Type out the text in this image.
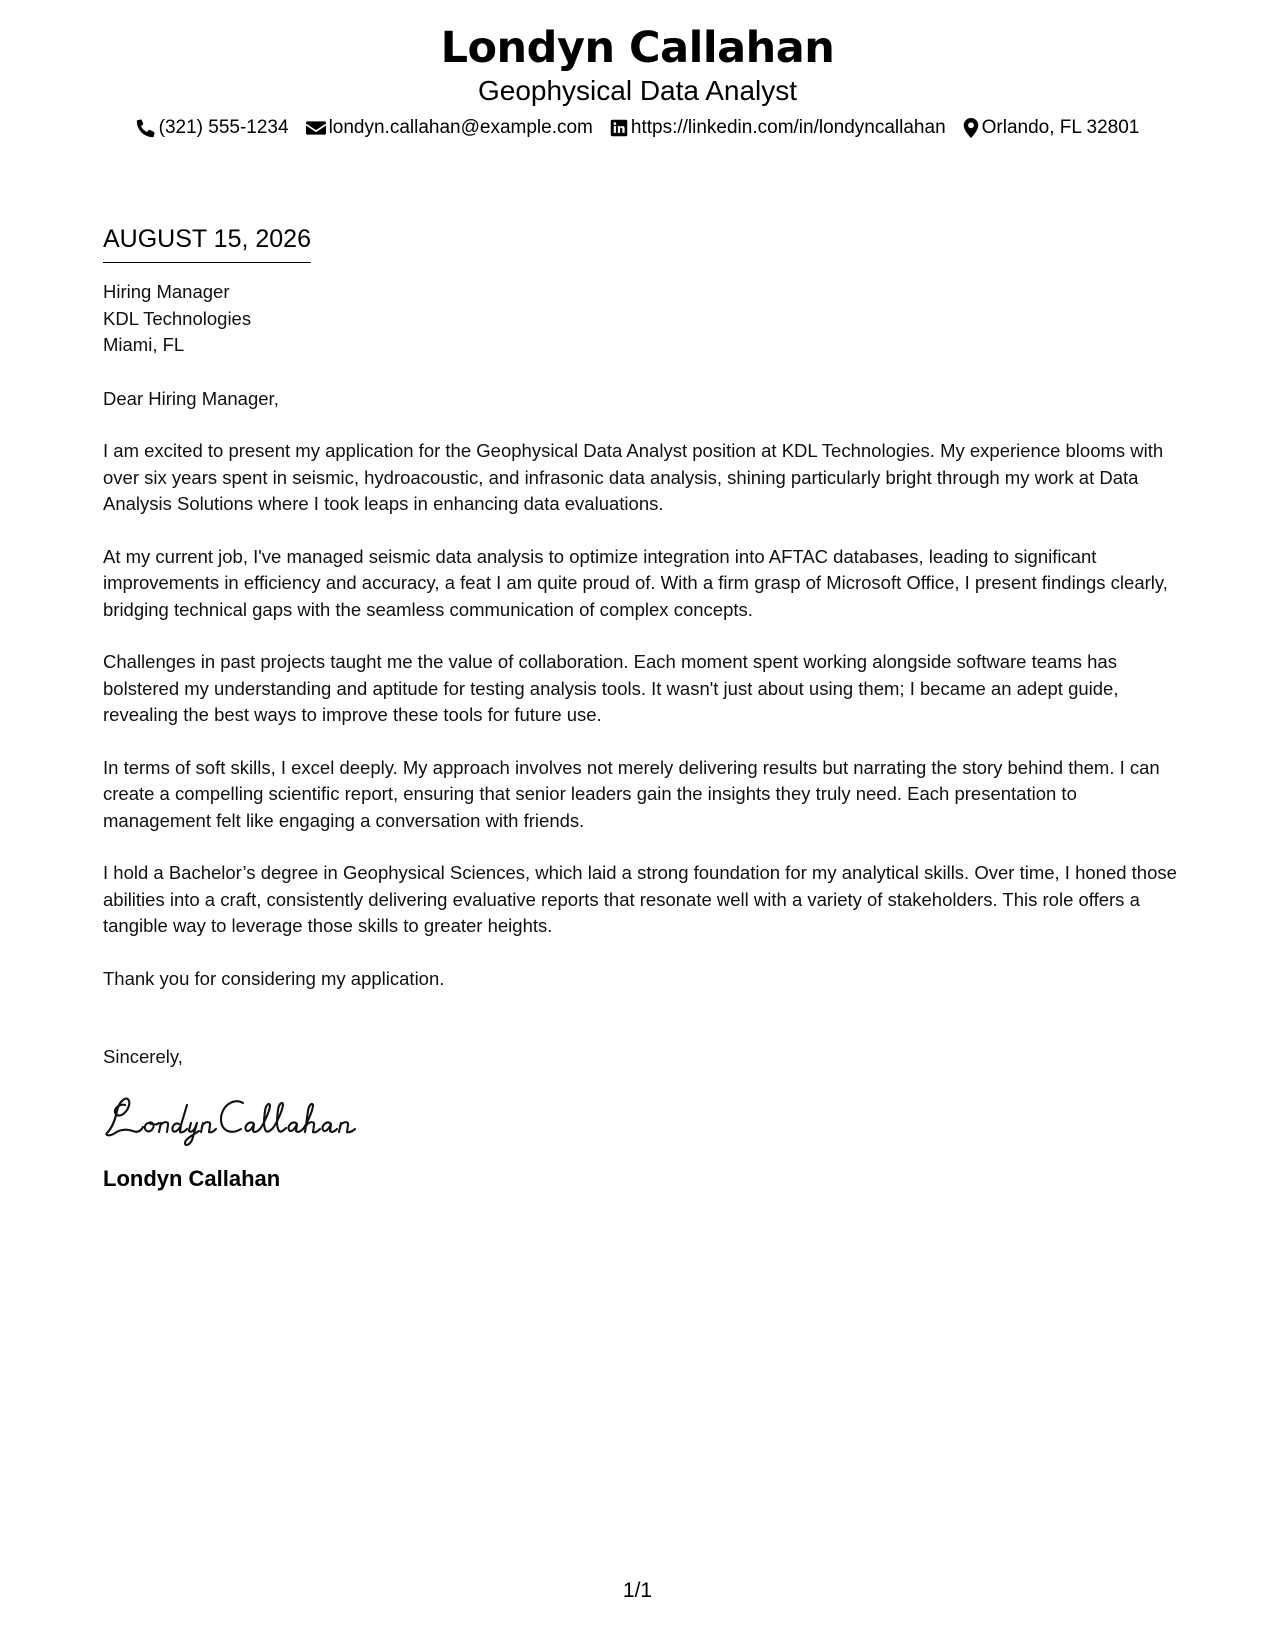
Londyn Callahan
Geophysical Data Analyst
(321) 555-1234 londyn.callahan@example.com https://linkedin.com/in/londyncallahan Orlando, FL 32801
AUGUST 15, 2026
Hiring Manager
KDL Technologies
Miami, FL
Dear Hiring Manager,
I am excited to present my application for the Geophysical Data Analyst position at KDL Technologies. My experience blooms with over six years spent in seismic, hydroacoustic, and infrasonic data analysis, shining particularly bright through my work at Data Analysis Solutions where I took leaps in enhancing data evaluations.
At my current job, I've managed seismic data analysis to optimize integration into AFTAC databases, leading to significant improvements in efficiency and accuracy, a feat I am quite proud of. With a firm grasp of Microsoft Office, I present findings clearly, bridging technical gaps with the seamless communication of complex concepts.
Challenges in past projects taught me the value of collaboration. Each moment spent working alongside software teams has bolstered my understanding and aptitude for testing analysis tools. It wasn't just about using them; I became an adept guide, revealing the best ways to improve these tools for future use.
In terms of soft skills, I excel deeply. My approach involves not merely delivering results but narrating the story behind them. I can create a compelling scientific report, ensuring that senior leaders gain the insights they truly need. Each presentation to management felt like engaging a conversation with friends.
I hold a Bachelor’s degree in Geophysical Sciences, which laid a strong foundation for my analytical skills. Over time, I honed those abilities into a craft, consistently delivering evaluative reports that resonate well with a variety of stakeholders. This role offers a tangible way to leverage those skills to greater heights.
Thank you for considering my application.
Sincerely,
Londyn Callahan
1/1
